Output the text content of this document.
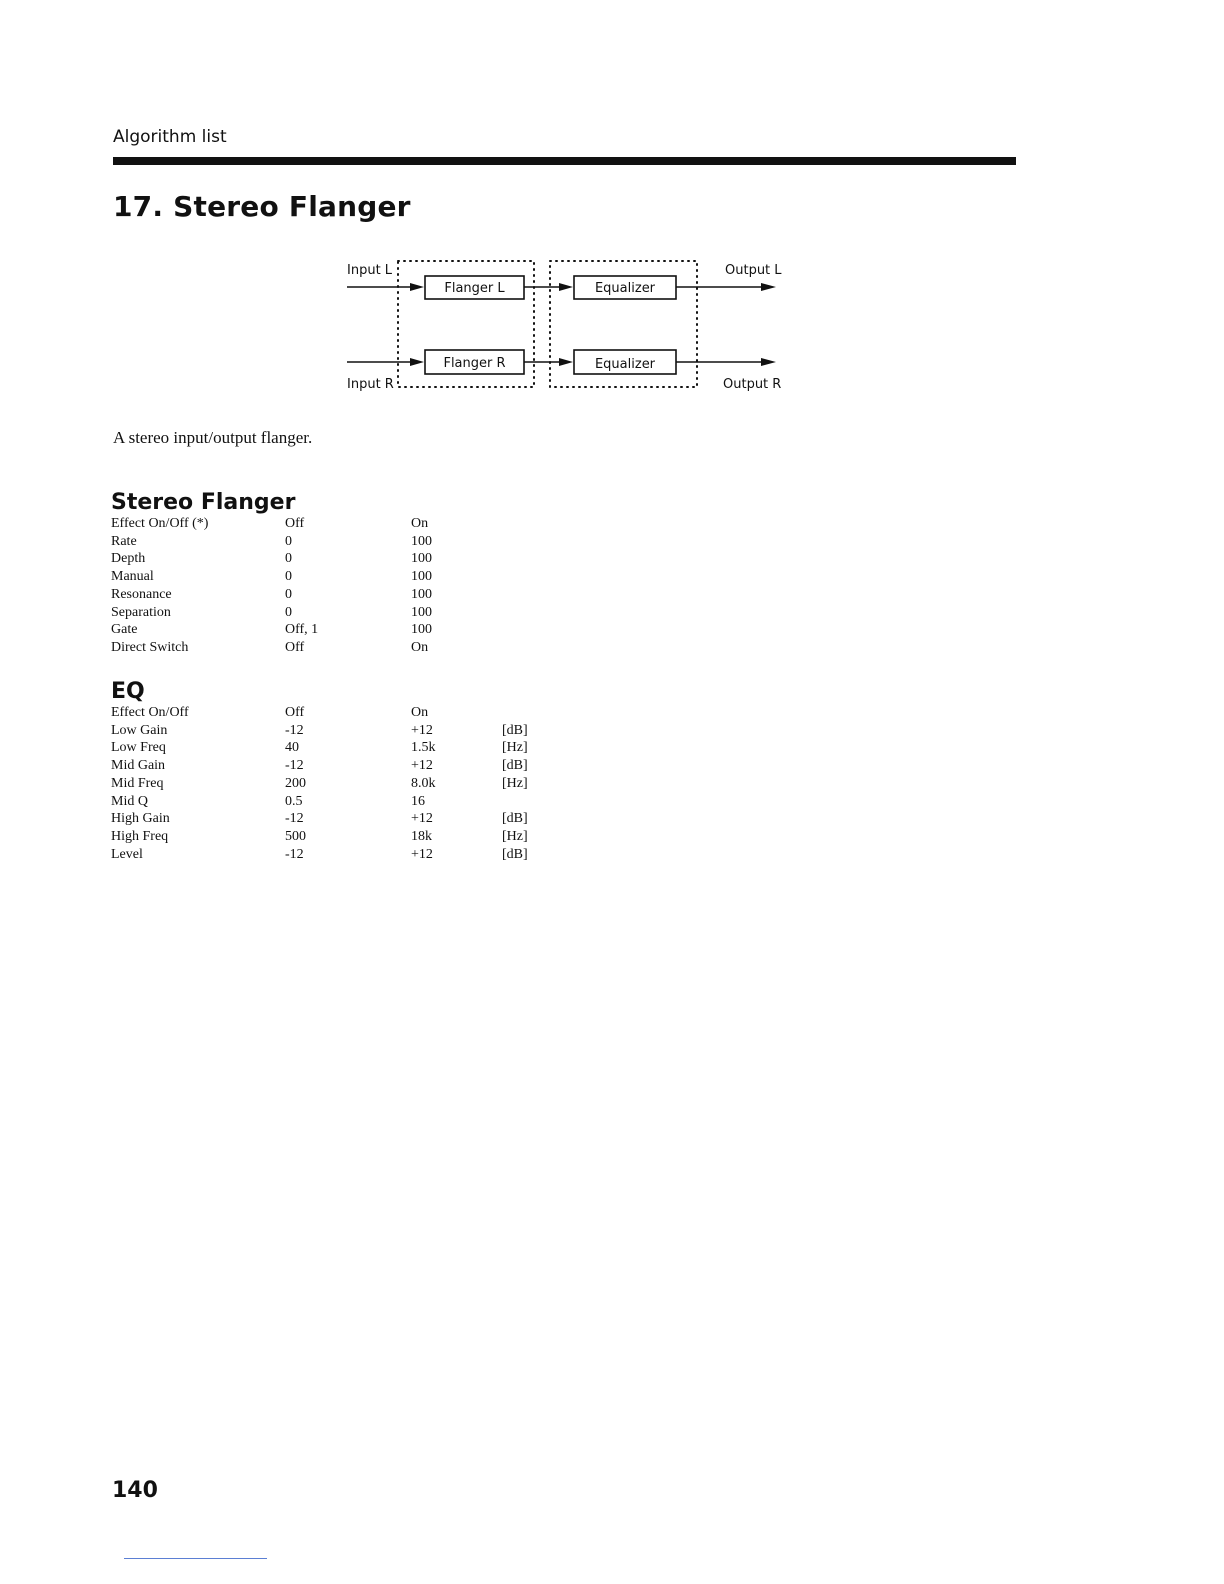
Algorithm list
17. Stereo Flanger
Input L
Input R
Output L
Output R
Flanger L
Flanger R
Equalizer
Equalizer
A stereo input/output flanger.
Stereo Flanger
Effect On/Off (*)	Off	On	
Rate	0	100	
Depth	0	100	
Manual	0	100	
Resonance	0	100	
Separation	0	100	
Gate	Off, 1	100	
Direct Switch	Off	On	
EQ
Effect On/Off	Off	On	
Low Gain	-12	+12	[dB]
Low Freq	40	1.5k	[Hz]
Mid Gain	-12	+12	[dB]
Mid Freq	200	8.0k	[Hz]
Mid Q	0.5	16	
High Gain	-12	+12	[dB]
High Freq	500	18k	[Hz]
Level	-12	+12	[dB]
140
